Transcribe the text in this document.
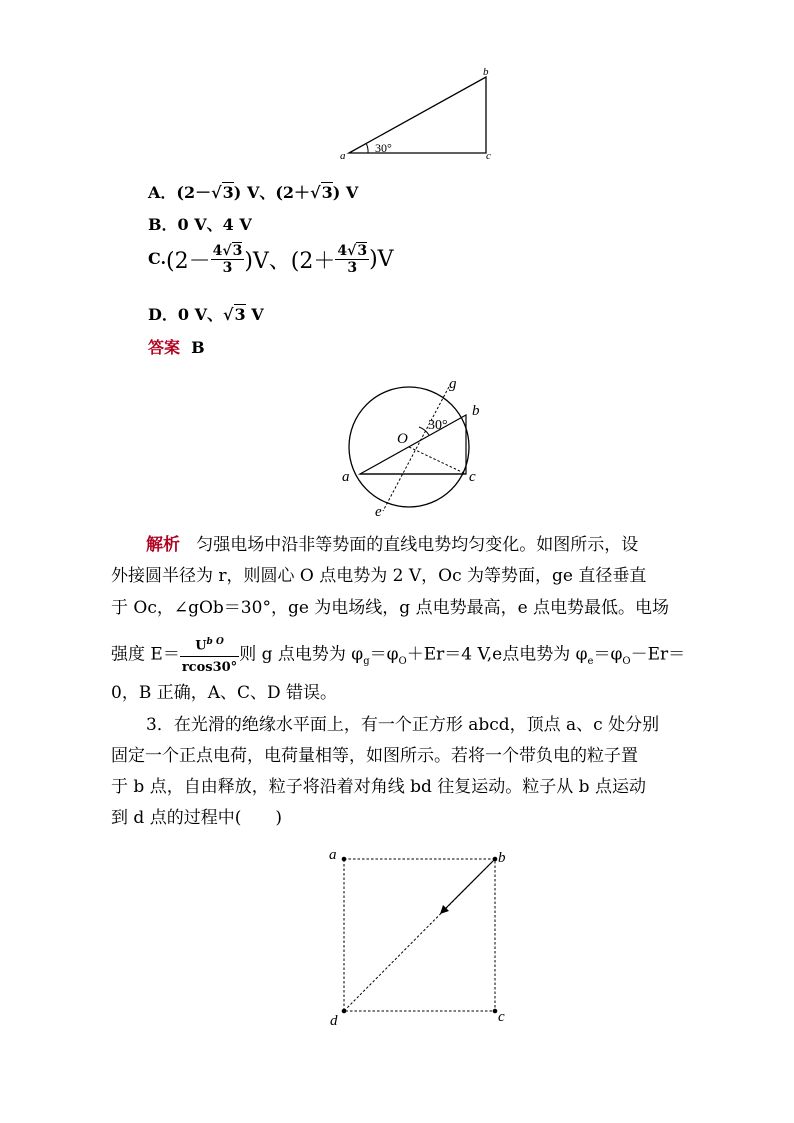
a
b
c
30°
A．(2－√3) V、(2＋√3) V
B．0 V、4 V
$C.(2- \frac{4√3}{3} )V$、$(2+ \frac{4√3}{3} )V$
D．0 V、√3 V
答案 B
g
b
O
30°
a	c
e
解析 匀强电场中沿非等势面的直线电势均匀变化。如图所示，设
外接圆半径为 r，则圆心 O 点电势为 2 V，Oc 为等势面，ge 直径垂直
于 Oc，∠gOb＝30°，ge 为电场线，g 点电势最高，e 点电势最低。电场
强度 $E= \frac{U^{b O}}{rcos30^\circ}$ 则 g 点电势为 $\varphi_g=\varphi_O+Er=4$ V,e点电势为 $\varphi_e=\varphi_O-Er=$
0，B 正确，A、C、D 错误。
3．在光滑的绝缘水平面上，有一个正方形 abcd，顶点 a、c 处分别
固定一个正点电荷，电荷量相等，如图所示。若将一个带负电的粒子置
于 b 点，自由释放，粒子将沿着对角线 bd 往复运动。粒子从 b 点运动
到 d 点的过程中(　　)
a	b
c
d
